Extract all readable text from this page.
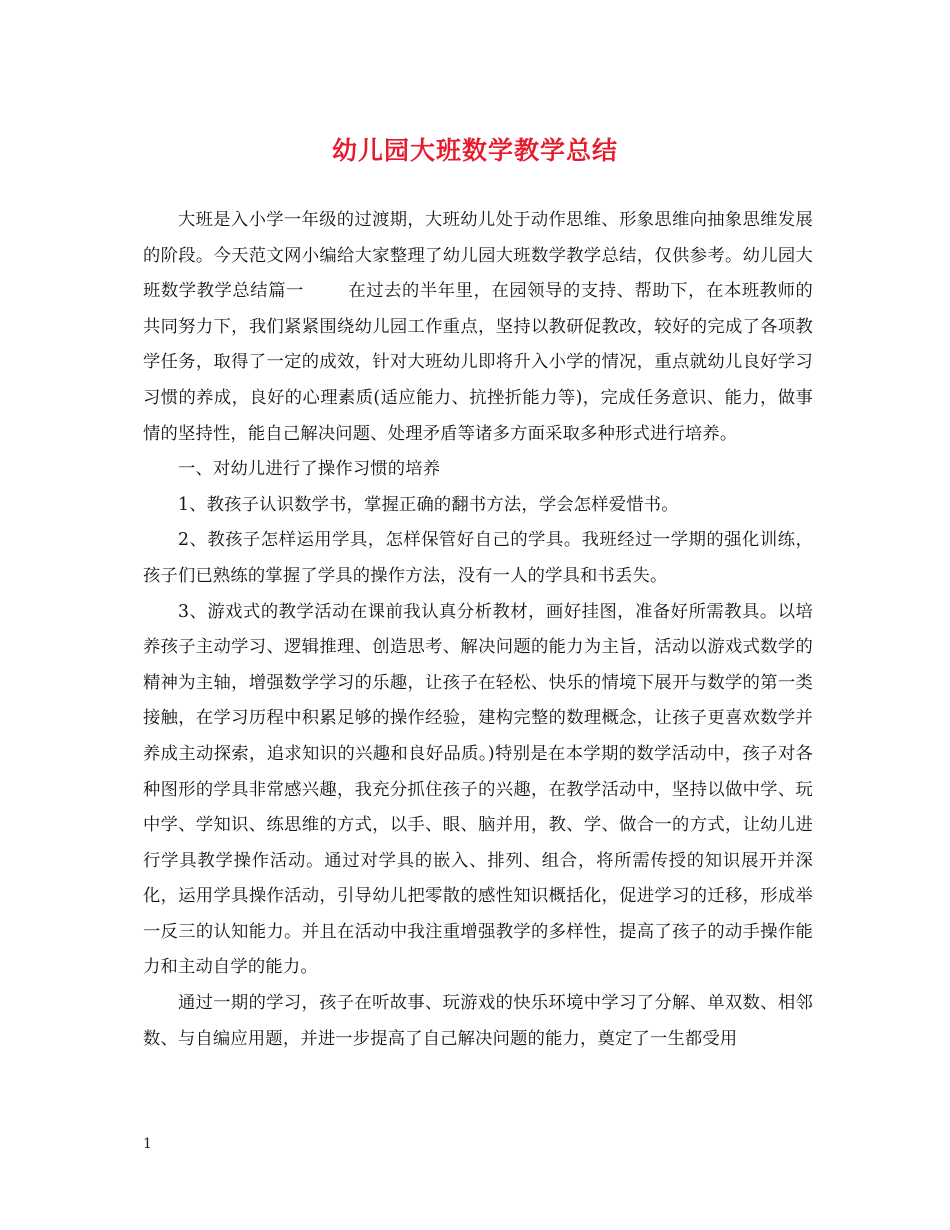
幼儿园大班数学教学总结

大班是入小学一年级的过渡期，大班幼儿处于动作思维、形象思维向抽象思维发展的阶段。今天范文网小编给大家整理了幼儿园大班数学教学总结，仅供参考。幼儿园大班数学教学总结篇一	在过去的半年里，在园领导的支持、帮助下，在本班教师的共同努力下，我们紧紧围绕幼儿园工作重点，坚持以教研促教改，较好的完成了各项教学任务，取得了一定的成效，针对大班幼儿即将升入小学的情况，重点就幼儿良好学习习惯的养成，良好的心理素质(适应能力、抗挫折能力等)，完成任务意识、能力，做事情的坚持性，能自己解决问题、处理矛盾等诸多方面采取多种形式进行培养。

一、对幼儿进行了操作习惯的培养

1、教孩子认识数学书，掌握正确的翻书方法，学会怎样爱惜书。

2、教孩子怎样运用学具，怎样保管好自己的学具。我班经过一学期的强化训练，孩子们已熟练的掌握了学具的操作方法，没有一人的学具和书丢失。

3、游戏式的教学活动在课前我认真分析教材，画好挂图，准备好所需教具。以培养孩子主动学习、逻辑推理、创造思考、解决问题的能力为主旨，活动以游戏式数学的精神为主轴，增强数学学习的乐趣，让孩子在轻松、快乐的情境下展开与数学的第一类接触，在学习历程中积累足够的操作经验，建构完整的数理概念，让孩子更喜欢数学并养成主动探索，追求知识的兴趣和良好品质。)特别是在本学期的数学活动中，孩子对各种图形的学具非常感兴趣，我充分抓住孩子的兴趣，在教学活动中，坚持以做中学、玩中学、学知识、练思维的方式，以手、眼、脑并用，教、学、做合一的方式，让幼儿进行学具教学操作活动。通过对学具的嵌入、排列、组合，将所需传授的知识展开并深化，运用学具操作活动，引导幼儿把零散的感性知识概括化，促进学习的迁移，形成举一反三的认知能力。并且在活动中我注重增强教学的多样性，提高了孩子的动手操作能力和主动自学的能力。

通过一期的学习，孩子在听故事、玩游戏的快乐环境中学习了分解、单双数、相邻数、与自编应用题，并进一步提高了自己解决问题的能力，奠定了一生都受用

1
